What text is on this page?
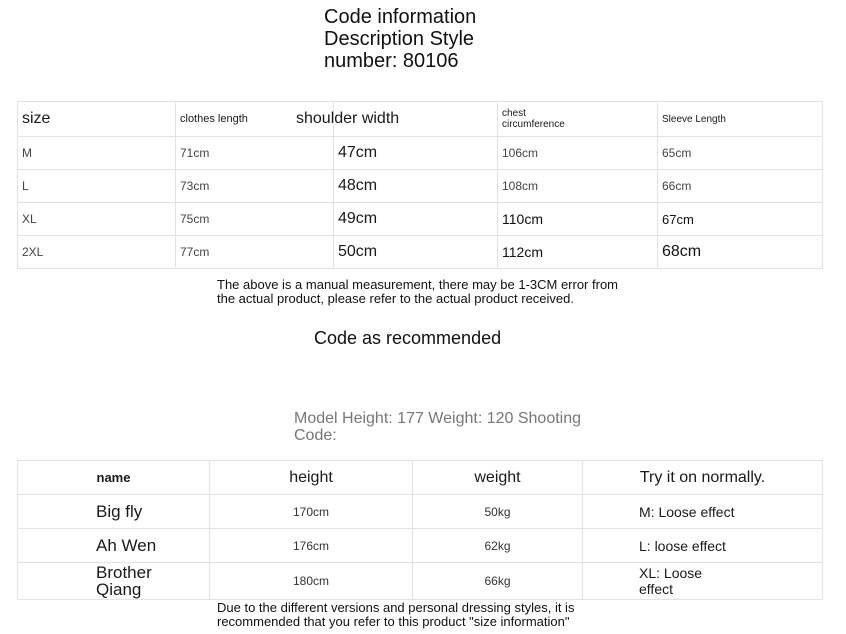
Code information
Description Style
number: 80106
size	clothes length	shoulder width	chest circumference	Sleeve Length
M	71cm	47cm	106cm	65cm
L	73cm	48cm	108cm	66cm
XL	75cm	49cm	110cm	67cm
2XL	77cm	50cm	112cm	68cm
The above is a manual measurement, there may be 1-3CM error from
the actual product, please refer to the actual product received.
Code as recommended
Model Height: 177 Weight: 120 Shooting
Code:
name	height	weight	Try it on normally.
Big fly	170cm	50kg	M: Loose effect
Ah Wen	176cm	62kg	L: loose effect
Brother Qiang	180cm	66kg	XL: Loose effect
Due to the different versions and personal dressing styles, it is
recommended that you refer to this product "size information"
